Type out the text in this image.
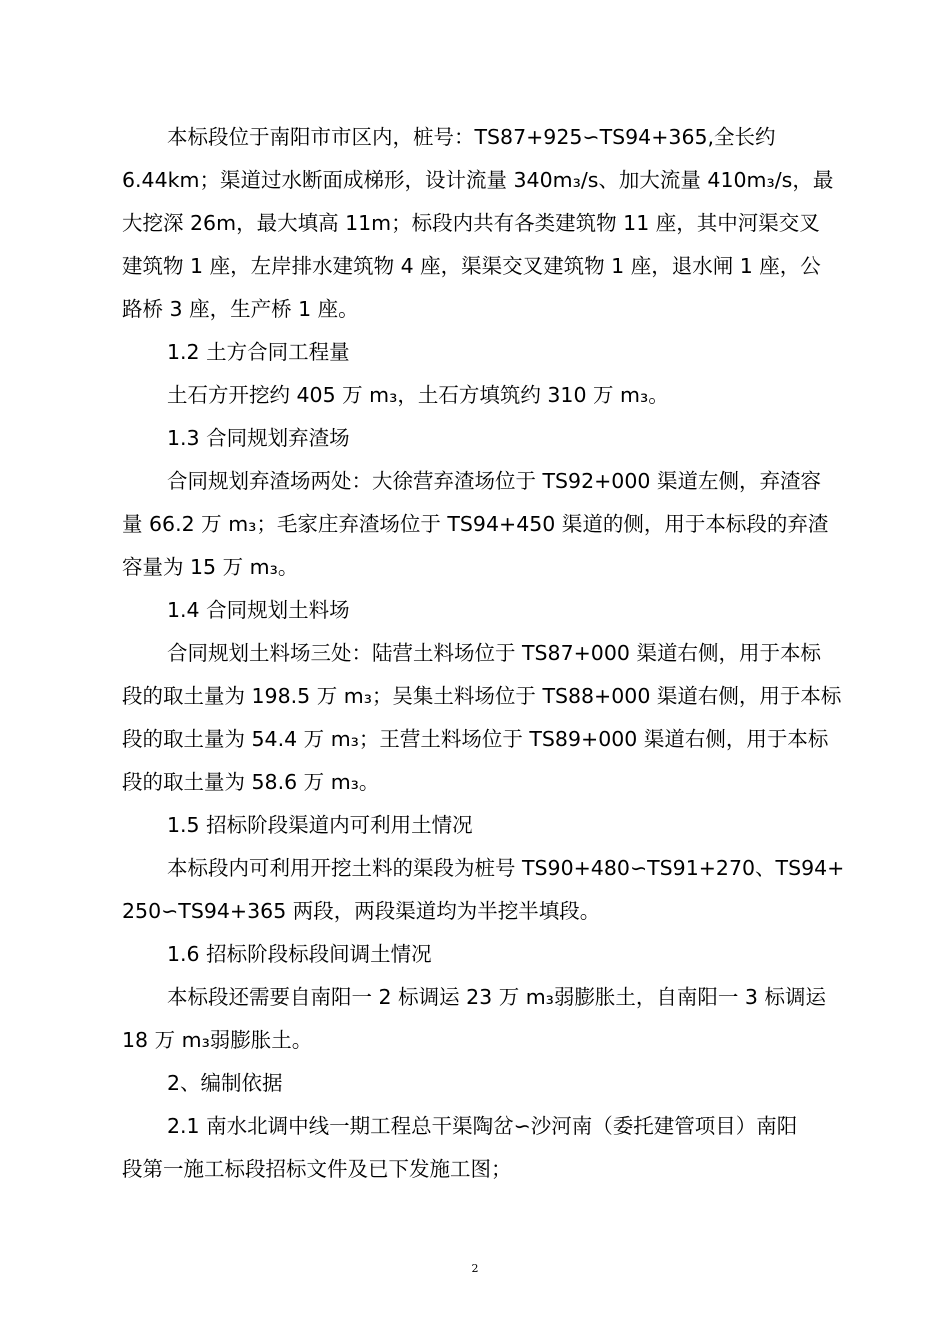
本标段位于南阳市市区内，桩号：TS87+925∽TS94+365,全长约
6.44km；渠道过水断面成梯形，设计流量 340m₃/s、加大流量 410m₃/s，最
大挖深 26m，最大填高 11m；标段内共有各类建筑物 11 座，其中河渠交叉
建筑物 1 座，左岸排水建筑物 4 座，渠渠交叉建筑物 1 座，退水闸 1 座，公
路桥 3 座，生产桥 1 座。
1.2 土方合同工程量
土石方开挖约 405 万 m₃，土石方填筑约 310 万 m₃。
1.3 合同规划弃渣场
合同规划弃渣场两处：大徐营弃渣场位于 TS92+000 渠道左侧，弃渣容
量 66.2 万 m₃；毛家庄弃渣场位于 TS94+450 渠道的侧，用于本标段的弃渣
容量为 15 万 m₃。
1.4 合同规划土料场
合同规划土料场三处：陆营土料场位于 TS87+000 渠道右侧，用于本标
段的取土量为 198.5 万 m₃；吴集土料场位于 TS88+000 渠道右侧，用于本标
段的取土量为 54.4 万 m₃；王营土料场位于 TS89+000 渠道右侧，用于本标
段的取土量为 58.6 万 m₃。
1.5 招标阶段渠道内可利用土情况
本标段内可利用开挖土料的渠段为桩号 TS90+480∽TS91+270、TS94+
250∽TS94+365 两段，两段渠道均为半挖半填段。
1.6 招标阶段标段间调土情况
本标段还需要自南阳一 2 标调运 23 万 m₃弱膨胀土，自南阳一 3 标调运
18 万 m₃弱膨胀土。
2、编制依据
2.1 南水北调中线一期工程总干渠陶岔∽沙河南（委托建管项目）南阳
段第一施工标段招标文件及已下发施工图；
2
